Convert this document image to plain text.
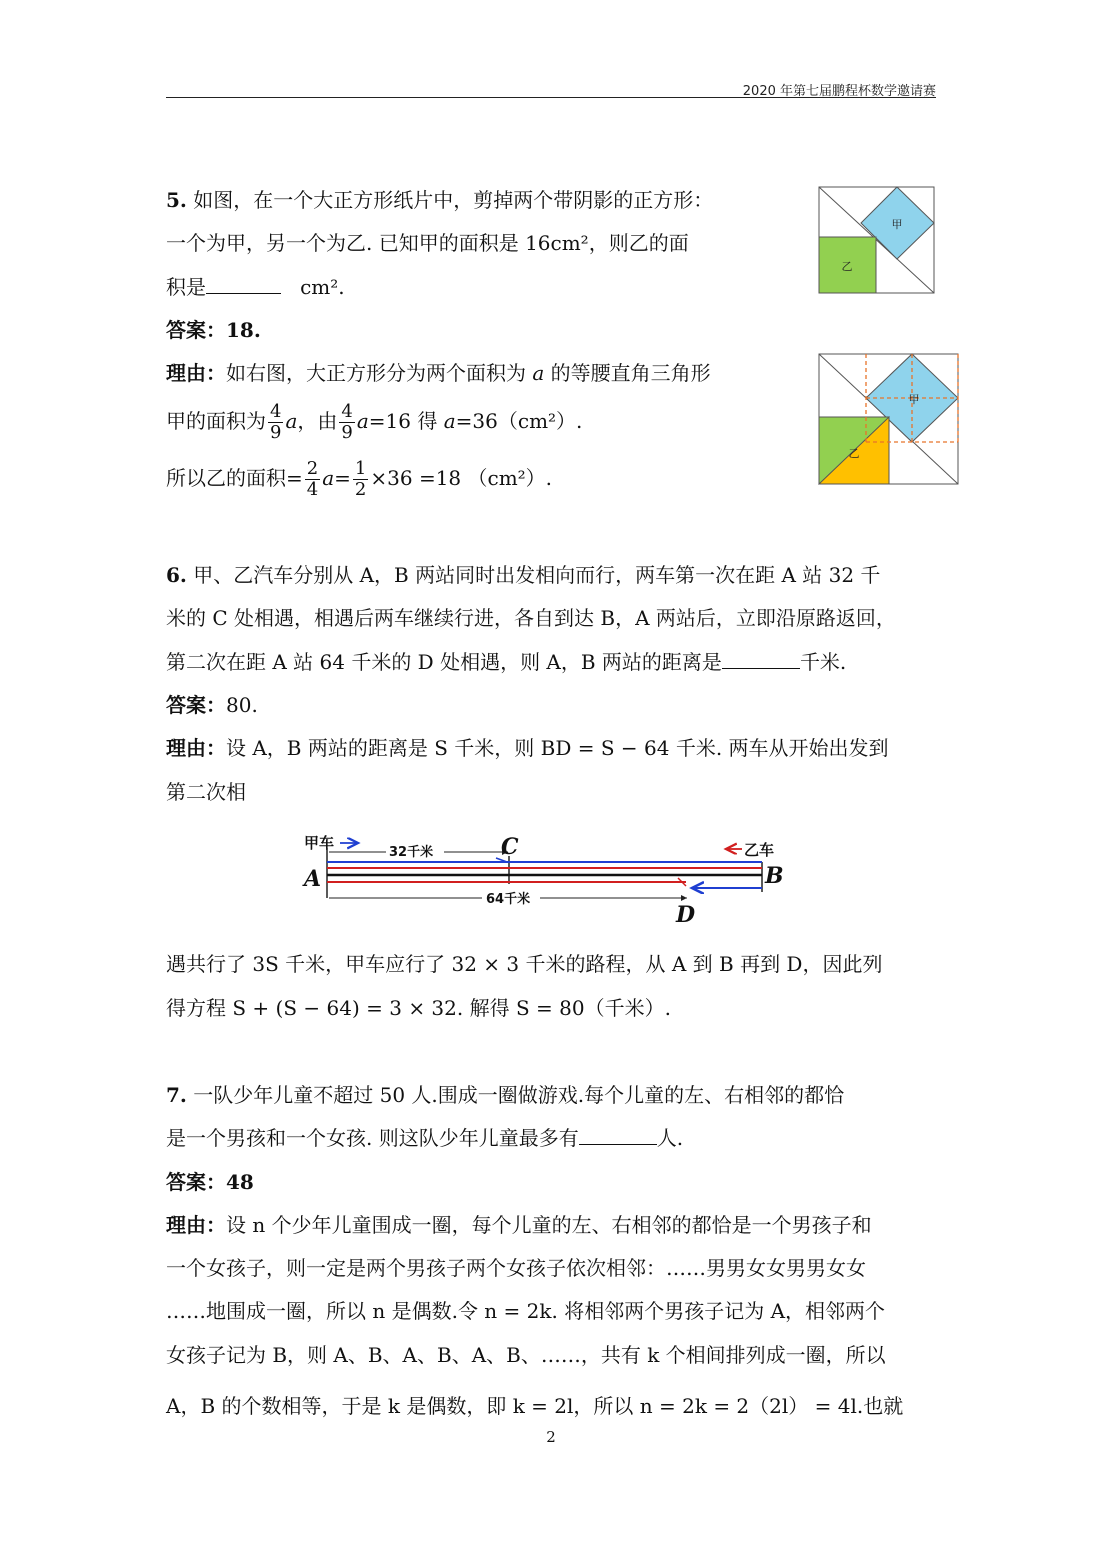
2020 年第七届鹏程杯数学邀请赛
5. 如图，在一个大正方形纸片中，剪掉两个带阴影的正方形：
一个为甲，另一个为乙. 已知甲的面积是 16cm²，则乙的面
积是	cm².
答案：18.
理由：如右图，大正方形分为两个面积为 a 的等腰直角三角形
甲的面积为 $\frac{4}{9}$ a，由 $\frac{4}{9} a=16$ 得 a=36（cm²）.
所以乙的面积= $\frac{2}{4} a= \frac{1}{2} \times 36 =18$ （cm²）.
甲
乙
甲
乙
6. 甲、乙汽车分别从 A，B 两站同时出发相向而行，两车第一次在距 A 站 32 千
米的 C 处相遇，相遇后两车继续行进，各自到达 B，A 两站后，立即沿原路返回，
第二次在距 A 站 64 千米的 D 处相遇，则 A，B 两站的距离是	千米.
答案：80.
理由：设 A，B 两站的距离是 S 千米，则 BD = S − 64 千米. 两车从开始出发到
第二次相
甲车	乙车
32千米	C
A	B
64千米
D
遇共行了 3S 千米，甲车应行了 32 × 3 千米的路程，从 A 到 B 再到 D，因此列
得方程 S + (S − 64) = 3 × 32. 解得 S = 80（千米）.
7. 一队少年儿童不超过 50 人.围成一圈做游戏.每个儿童的左、右相邻的都恰
是一个男孩和一个女孩. 则这队少年儿童最多有	人.
答案：48
理由：设 n 个少年儿童围成一圈，每个儿童的左、右相邻的都恰是一个男孩子和
一个女孩子，则一定是两个男孩子两个女孩子依次相邻：……男男女女男男女女
……地围成一圈，所以 n 是偶数.令 n = 2k. 将相邻两个男孩子记为 A，相邻两个
女孩子记为 B，则 A、B、A、B、A、B、……，共有 k 个相间排列成一圈，所以
A，B 的个数相等，于是 k 是偶数，即 k = 2l，所以 n = 2k = 2（2l） = 4l.也就
2
